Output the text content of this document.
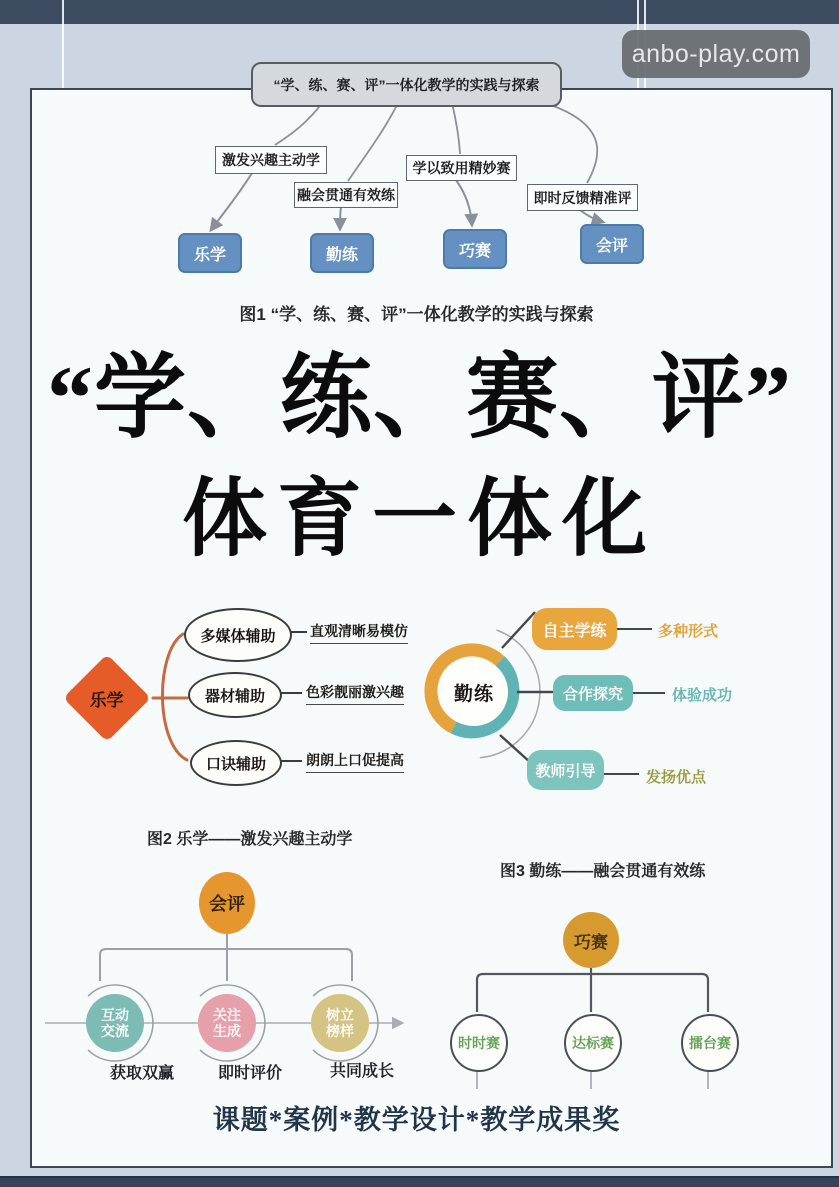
anbo-play.com
“学、练、赛、评”一体化教学的实践与探索
激发兴趣主动学
融会贯通有效练
学以致用精妙赛
即时反馈精准评
乐学	勤练	巧赛	会评
图1 “学、练、赛、评”一体化教学的实践与探索
“学、练、赛、评”
体育一体化
乐学
多媒体辅助
器材辅助
口诀辅助
直观清晰易模仿
色彩靓丽激兴趣
朗朗上口促提高
图2 乐学——激发兴趣主动学
勤练
自主学练
合作探究
教师引导
多种形式
体验成功
发扬优点
图3 勤练——融会贯通有效练
会评
互动交流
关注生成
树立榜样
获取双赢	即时评价	共同成长
巧赛
时时赛	达标赛	擂台赛
课题*案例*教学设计*教学成果奖
